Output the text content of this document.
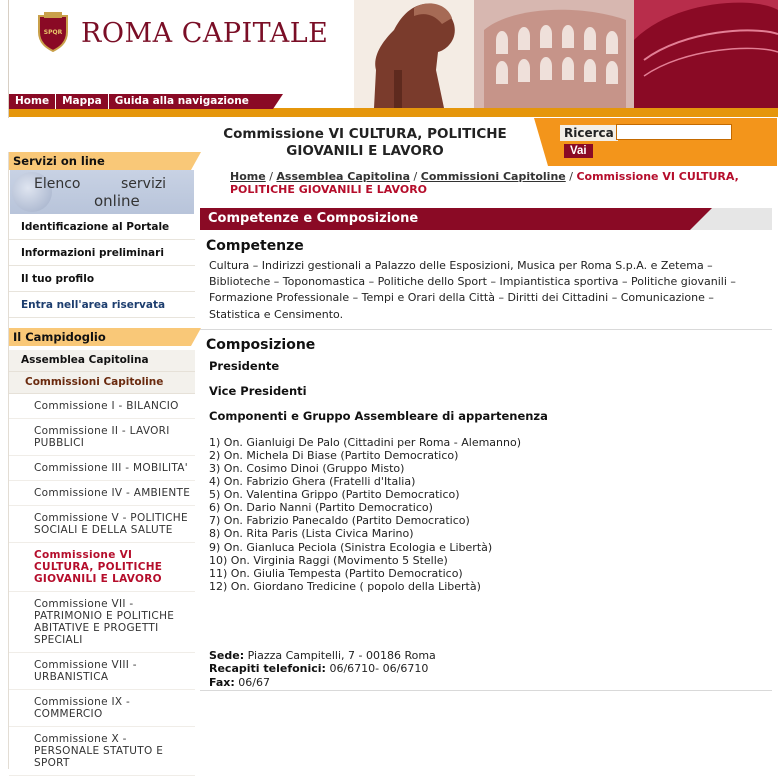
SPQR ROMA CAPITALE
Home	Mappa	Guida alla navigazione
Commissione VI CULTURA, POLITICHE GIOVANILI E LAVORO
Ricerca
Vai
Servizi on line
Elenco	servizi
online
Identificazione al Portale
Informazioni preliminari
Il tuo profilo
Entra nell'area riservata
Il Campidoglio
Assemblea Capitolina
Commissioni Capitoline
Commissione I - BILANCIO
Commissione II - LAVORI PUBBLICI
Commissione III - MOBILITA'
Commissione IV - AMBIENTE
Commissione V - POLITICHE SOCIALI E DELLA SALUTE
Commissione VI CULTURA, POLITICHE GIOVANILI E LAVORO
Commissione VII - PATRIMONIO E POLITICHE ABITATIVE E PROGETTI SPECIALI
Commissione VIII - URBANISTICA
Commissione IX - COMMERCIO
Commissione X - PERSONALE STATUTO E SPORT
Home / Assemblea Capitolina / Commissioni Capitoline / Commissione VI CULTURA, POLITICHE GIOVANILI E LAVORO
Competenze e Composizione
Competenze
Cultura – Indirizzi gestionali a Palazzo delle Esposizioni, Musica per Roma S.p.A. e Zetema – Biblioteche – Toponomastica – Politiche dello Sport – Impiantistica sportiva – Politiche giovanili – Formazione Professionale – Tempi e Orari della Città – Diritti dei Cittadini – Comunicazione – Statistica e Censimento.
Composizione
Presidente
Vice Presidenti
Componenti e Gruppo Assembleare di appartenenza
1) On. Gianluigi De Palo (Cittadini per Roma - Alemanno)
2) On. Michela Di Biase (Partito Democratico)
3) On. Cosimo Dinoi (Gruppo Misto)
4) On. Fabrizio Ghera (Fratelli d'Italia)
5) On. Valentina Grippo (Partito Democratico)
6) On. Dario Nanni (Partito Democratico)
7) On. Fabrizio Panecaldo (Partito Democratico)
8) On. Rita Paris (Lista Civica Marino)
9) On. Gianluca Peciola (Sinistra Ecologia e Libertà)
10) On. Virginia Raggi (Movimento 5 Stelle)
11) On. Giulia Tempesta (Partito Democratico)
12) On. Giordano Tredicine ( popolo della Libertà)
Sede: Piazza Campitelli, 7 - 00186 Roma
Recapiti telefonici: 06/6710- 06/6710
Fax: 06/67
